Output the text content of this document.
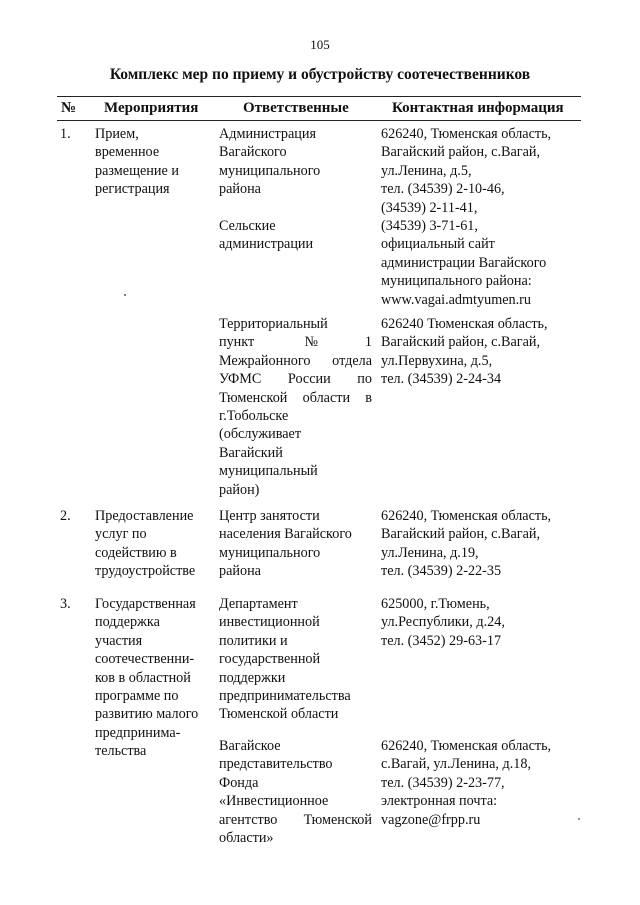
105
Комплекс мер по приему и обустройству соотечественников
№ Мероприятия	Ответственные	Контактная информация
1. Прием,
временное
размещение и
регистрация
Администрация
Вагайского
муниципального
района

Сельские
администрации
626240, Тюменская область,
Вагайский район, с.Вагай,
ул.Ленина, д.5,
тел. (34539) 2-10-46,
(34539) 2-11-41,
(34539) 3-71-61,
официальный сайт
администрации Вагайского
муниципального района:
www.vagai.admtyumen.ru
Территориальный
пункт №1
Межрайонного отдела
УФМС России по
Тюменской области в
г.Тобольске
(обслуживает
Вагайский
муниципальный
район)
626240 Тюменская область,
Вагайский район, с.Вагай,
ул.Первухина, д.5,
тел. (34539) 2-24-34
2. Предоставление
услуг по
содействию в
трудоустройстве
Центр занятости
населения Вагайского
муниципального
района
626240, Тюменская область,
Вагайский район, с.Вагай,
ул.Ленина, д.19,
тел. (34539) 2-22-35
3. Государственная
поддержка
участия
соотечественни-
ков в областной
программе по
развитию малого
предпринима-
тельства
Департамент
инвестиционной
политики и
государственной
поддержки
предпринимательства
Тюменской области
625000, г.Тюмень,
ул.Республики, д.24,
тел. (3452) 29-63-17
Вагайское
представительство
Фонда
«Инвестиционное
агентство Тюменской
области»
626240, Тюменская область,
с.Вагай, ул.Ленина, д.18,
тел. (34539) 2-23-77,
электронная почта:
vagzone@frpp.ru
